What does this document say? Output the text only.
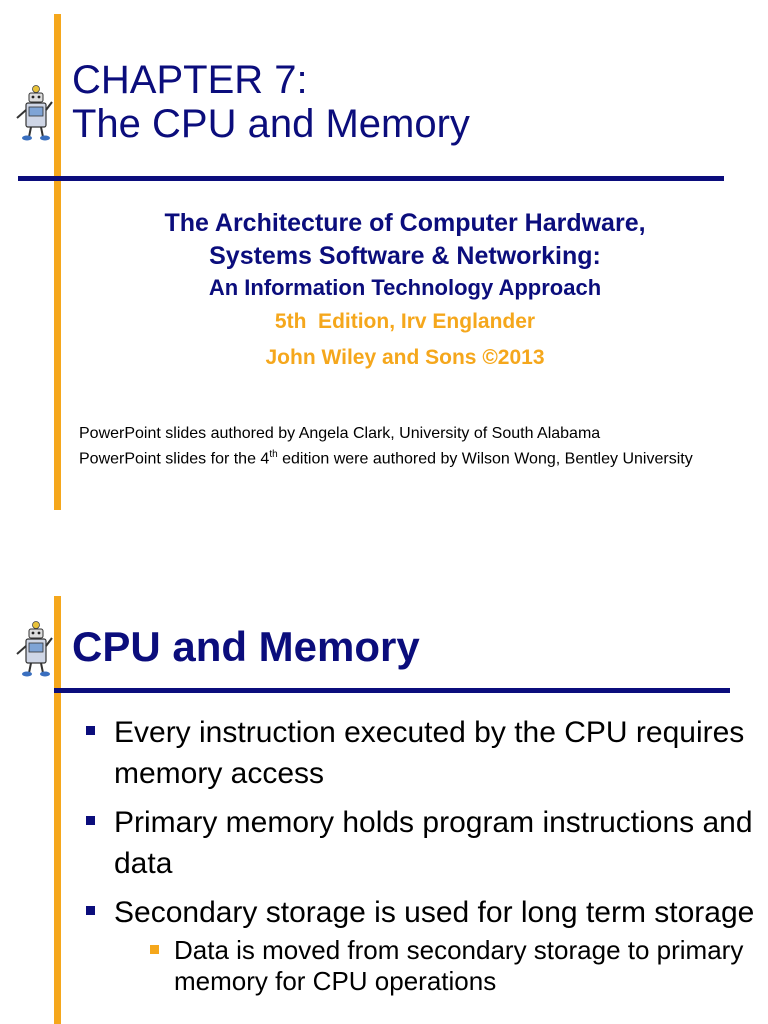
CHAPTER 7:
The CPU and Memory
The Architecture of Computer Hardware,
Systems Software & Networking:
An Information Technology Approach
5th  Edition, Irv Englander
John Wiley and Sons ©2013

PowerPoint slides authored by Angela Clark, University of South Alabama

PowerPoint slides for the 4th edition were authored by Wilson Wong, Bentley University

CPU and Memory
Every instruction executed by the CPU requires memory access
Primary memory holds program instructions and data
Secondary storage is used for long term storage
Data is moved from secondary storage to primary memory for CPU operations
